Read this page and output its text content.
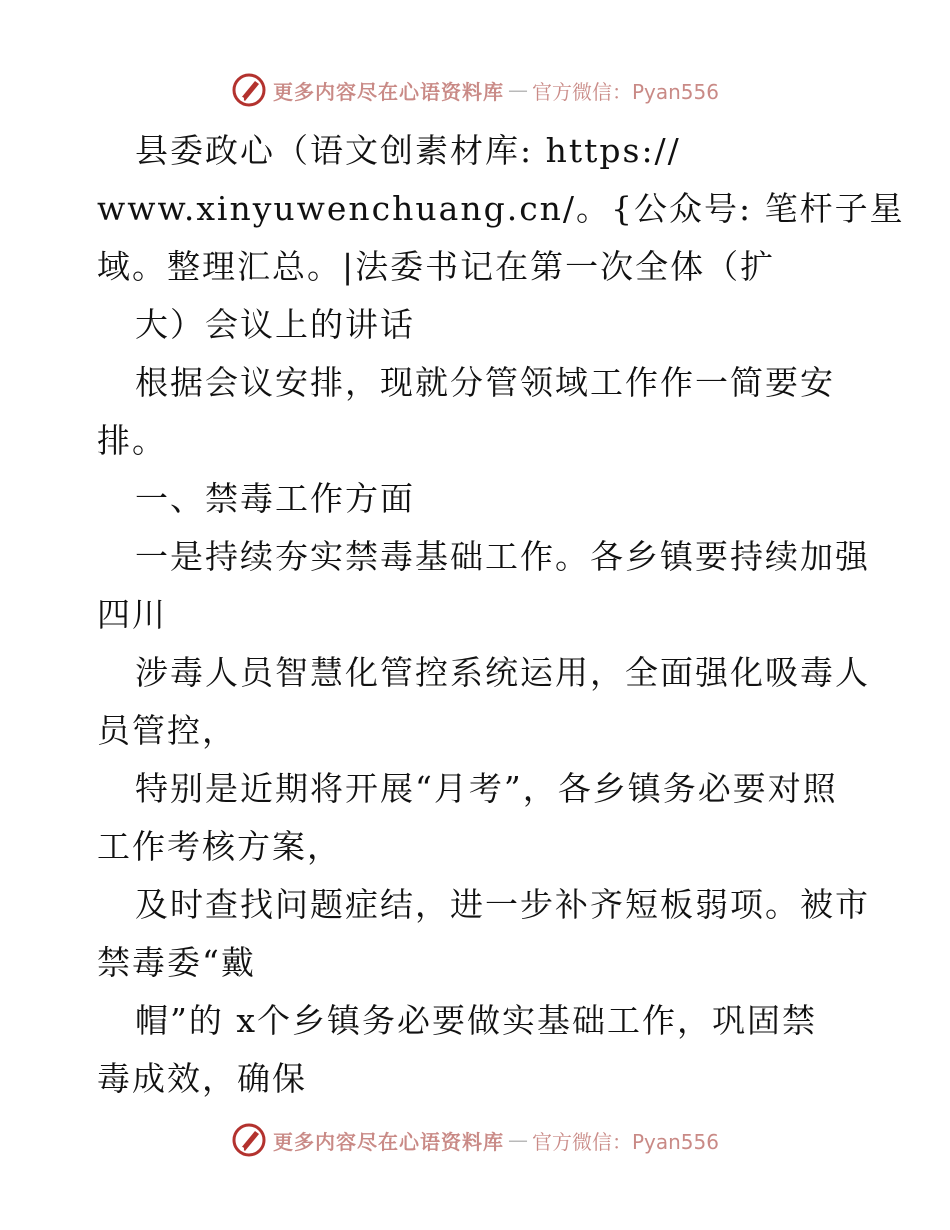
更多内容尽在心语资料库 — 官方微信：Pyan556
县委政心（语文创素材库: https://
www.xinyuwenchuang.cn/。{公众号: 笔杆子星
域。整理汇总。|法委书记在第一次全体（扩
大）会议上的讲话
根据会议安排，现就分管领域工作作一简要安
排。
一、禁毒工作方面
一是持续夯实禁毒基础工作。各乡镇要持续加强
四川
涉毒人员智慧化管控系统运用，全面强化吸毒人
员管控，
特别是近期将开展“月考”，各乡镇务必要对照
工作考核方案，
及时查找问题症结，进一步补齐短板弱项。被市
禁毒委“戴
帽”的 x个乡镇务必要做实基础工作，巩固禁
毒成效，确保
更多内容尽在心语资料库 — 官方微信：Pyan556
